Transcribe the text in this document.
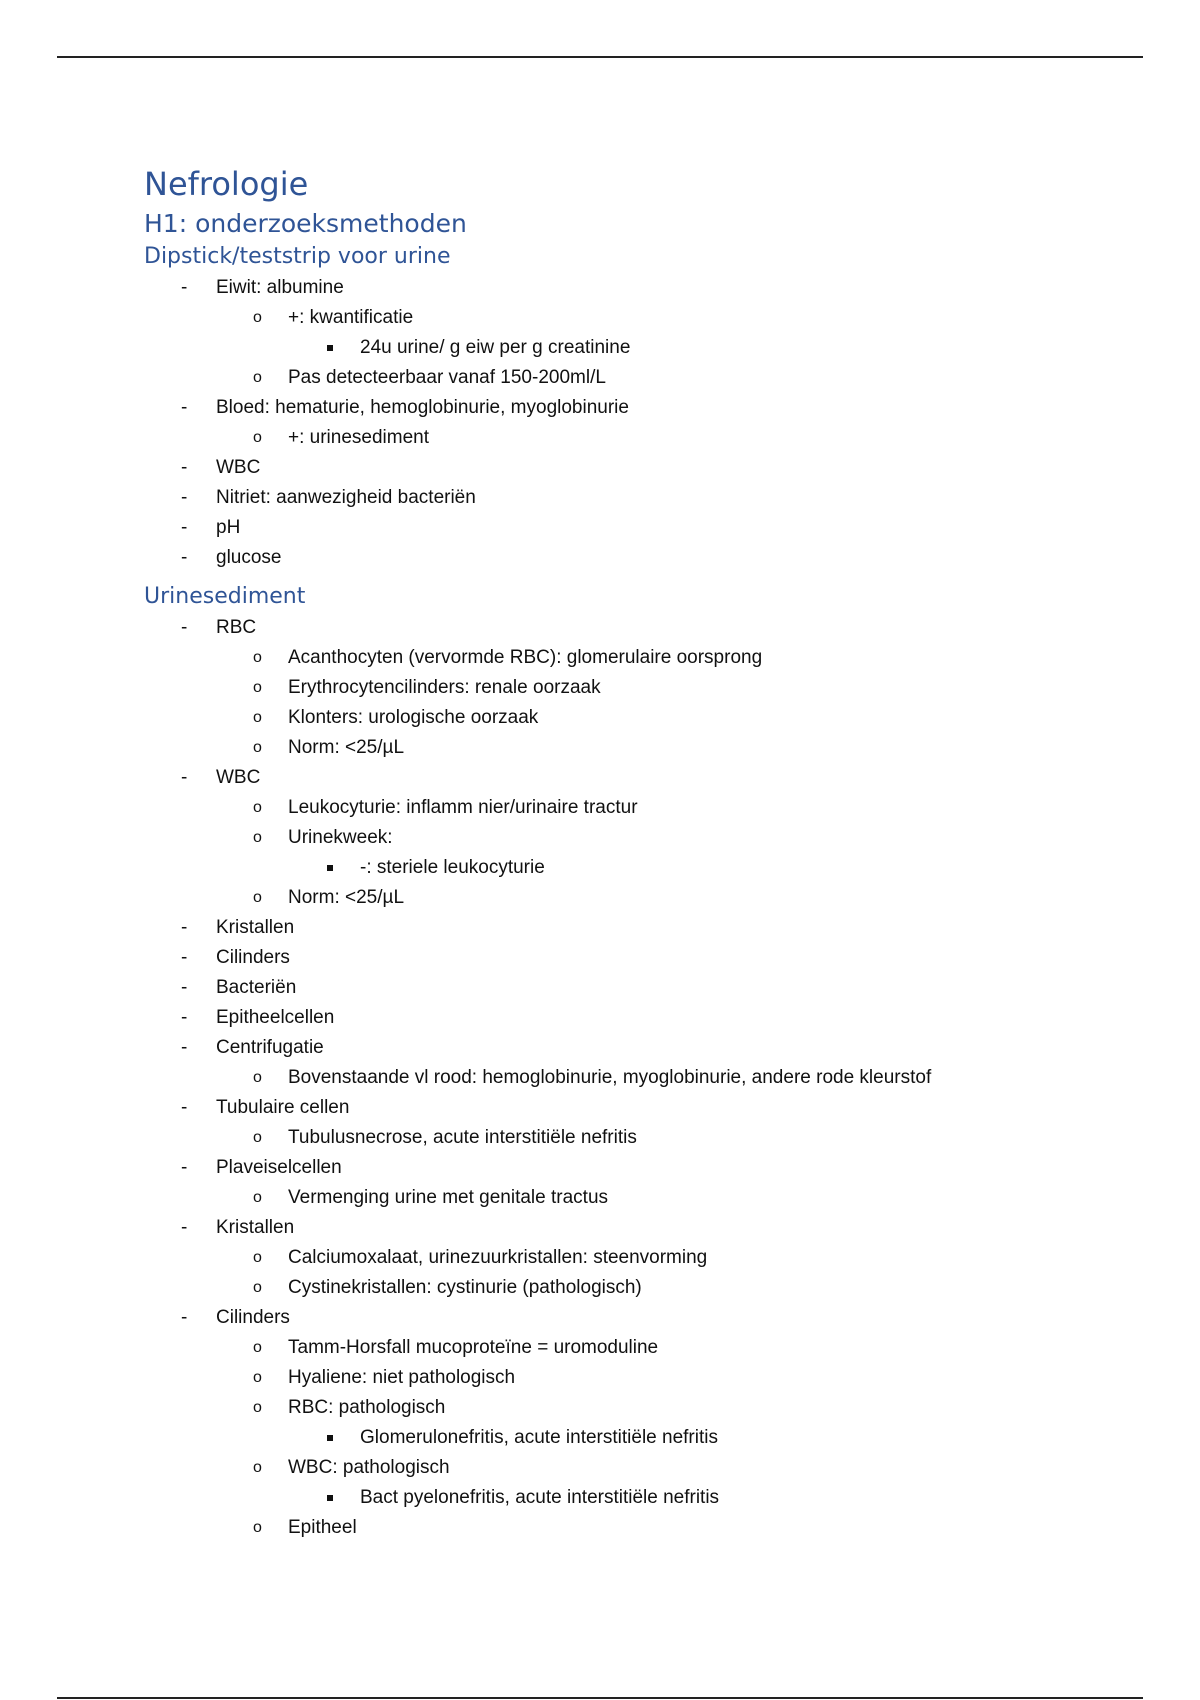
Nefrologie
H1: onderzoeksmethoden
Dipstick/teststrip voor urine
- Eiwit: albumine
o +: kwantificatie
24u urine/ g eiw per g creatinine
o Pas detecteerbaar vanaf 150-200ml/L
- Bloed: hematurie, hemoglobinurie, myoglobinurie
o +: urinesediment
- WBC
- Nitriet: aanwezigheid bacteriën
- pH
- glucose
Urinesediment
- RBC
o Acanthocyten (vervormde RBC): glomerulaire oorsprong
o Erythrocytencilinders: renale oorzaak
o Klonters: urologische oorzaak
o Norm: <25/µL
- WBC
o Leukocyturie: inflamm nier/urinaire tractur
o Urinekweek:
-: steriele leukocyturie
o Norm: <25/µL
- Kristallen
- Cilinders
- Bacteriën
- Epitheelcellen
- Centrifugatie
o Bovenstaande vl rood: hemoglobinurie, myoglobinurie, andere rode kleurstof
- Tubulaire cellen
o Tubulusnecrose, acute interstitiële nefritis
- Plaveiselcellen
o Vermenging urine met genitale tractus
- Kristallen
o Calciumoxalaat, urinezuurkristallen: steenvorming
o Cystinekristallen: cystinurie (pathologisch)
- Cilinders
o Tamm-Horsfall mucoproteïne = uromoduline
o Hyaliene: niet pathologisch
o RBC: pathologisch
Glomerulonefritis, acute interstitiële nefritis
o WBC: pathologisch
Bact pyelonefritis, acute interstitiële nefritis
o Epitheel
